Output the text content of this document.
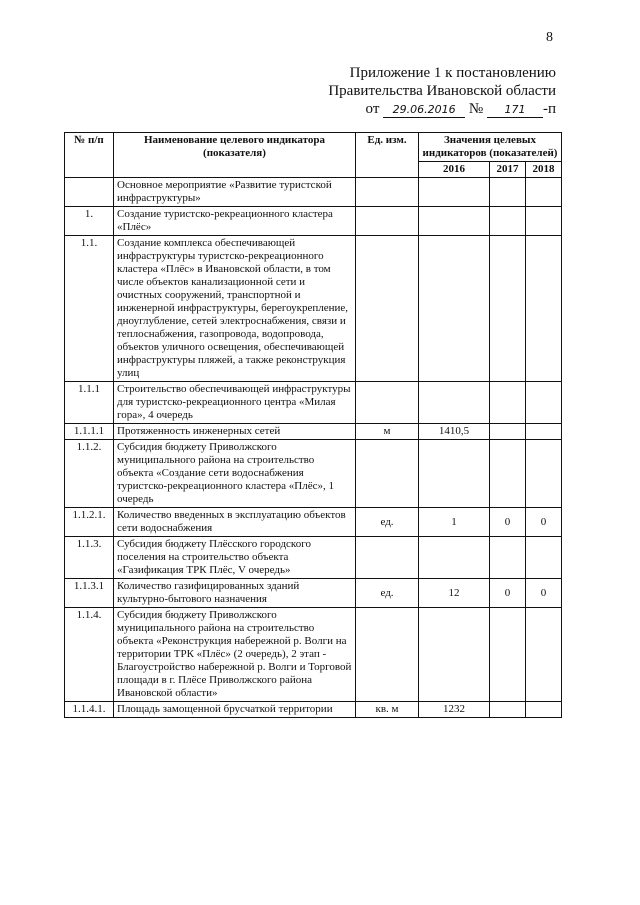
8
Приложение 1 к постановлению
Правительства Ивановской области
от 29.06.2016 № 171 -п
№ п/п	Наименование целевого индикатора (показателя)	Ед. изм.	Значения целевых индикаторов (показателей)		
			2016	2017	2018
	Основное мероприятие «Развитие туристской инфраструктуры»				
1.	Создание туристско-рекреационного кластера «Плёс»				
1.1.	Создание комплекса обеспечивающей инфраструктуры туристско-рекреационного кластера «Плёс» в Ивановской области, в том числе объектов канализационной сети и очистных сооружений, транспортной и инженерной инфраструктуры, берегоукрепление, дноуглубление, сетей электроснабжения, связи и теплоснабжения, газопровода, водопровода, объектов уличного освещения, обеспечивающей инфраструктуры пляжей, а также реконструкция улиц				
1.1.1	Строительство обеспечивающей инфраструктуры для туристско-рекреационного центра «Милая гора», 4 очередь				
1.1.1.1	Протяженность инженерных сетей	м	1410,5		
1.1.2.	Субсидия бюджету Приволжского муниципального района на строительство объекта «Создание сети водоснабжения туристско-рекреационного кластера «Плёс», 1 очередь				
1.1.2.1.	Количество введенных в эксплуатацию объектов сети водоснабжения	ед.	1	0	0
1.1.3.	Субсидия бюджету Плёсского городского поселения на строительство объекта «Газификация ТРК Плёс, V очередь»				
1.1.3.1	Количество газифицированных зданий культурно-бытового назначения	ед.	12	0	0
1.1.4.	Субсидия бюджету Приволжского муниципального района на строительство объекта «Реконструкция набережной р. Волги на территории ТРК «Плёс» (2 очередь), 2 этап - Благоустройство набережной р. Волги и Торговой площади в г. Плёсе Приволжского района Ивановской области»				
1.1.4.1.	Площадь замощенной брусчаткой территории	кв. м	1232		
